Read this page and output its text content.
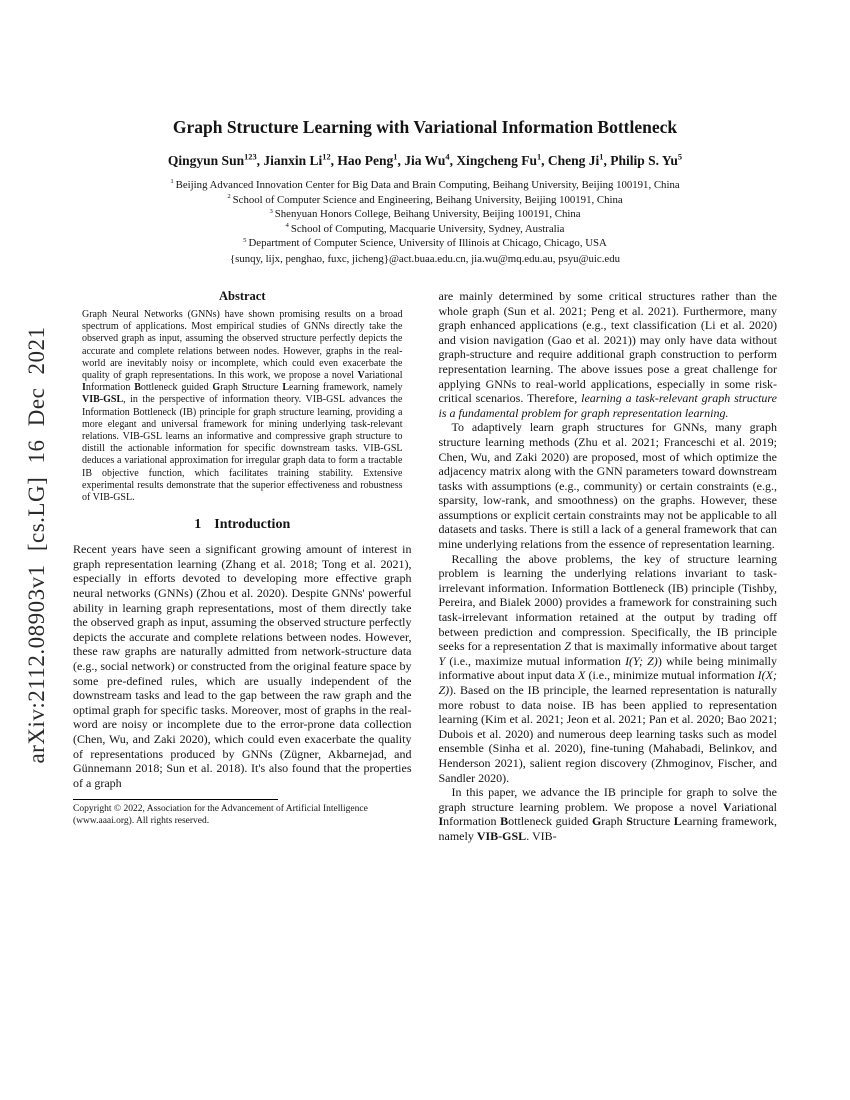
arXiv:2112.08903v1 [cs.LG] 16 Dec 2021
Graph Structure Learning with Variational Information Bottleneck
Qingyun Sun$^{123}$, Jianxin Li$^{12}$, Hao Peng$^1$, Jia Wu$^4$, Xingcheng Fu$^1$, Cheng Ji$^1$, Philip S. Yu$^5$
$^1$ Beijing Advanced Innovation Center for Big Data and Brain Computing, Beihang University, Beijing 100191, China
$^2$ School of Computer Science and Engineering, Beihang University, Beijing 100191, China
$^3$ Shenyuan Honors College, Beihang University, Beijing 100191, China
$^4$ School of Computing, Macquarie University, Sydney, Australia
$^5$ Department of Computer Science, University of Illinois at Chicago, Chicago, USA
{sunqy, lijx, penghao, fuxc, jicheng}@act.buaa.edu.cn, jia.wu@mq.edu.au, psyu@uic.edu
Abstract

Graph Neural Networks (GNNs) have shown promising results on a broad spectrum of applications. Most empirical studies of GNNs directly take the observed graph as input, assuming the observed structure perfectly depicts the accurate and complete relations between nodes. However, graphs in the real-world are inevitably noisy or incomplete, which could even exacerbate the quality of graph representations. In this work, we propose a novel Variational Information Bottleneck guided Graph Structure Learning framework, namely VIB-GSL, in the perspective of information theory. VIB-GSL advances the Information Bottleneck (IB) principle for graph structure learning, providing a more elegant and universal framework for mining underlying task-relevant relations. VIB-GSL learns an informative and compressive graph structure to distill the actionable information for specific downstream tasks. VIB-GSL deduces a variational approximation for irregular graph data to form a tractable IB objective function, which facilitates training stability. Extensive experimental results demonstrate that the superior effectiveness and robustness of VIB-GSL.

1 Introduction

Recent years have seen a significant growing amount of interest in graph representation learning (Zhang et al. 2018; Tong et al. 2021), especially in efforts devoted to developing more effective graph neural networks (GNNs) (Zhou et al. 2020). Despite GNNs' powerful ability in learning graph representations, most of them directly take the observed graph as input, assuming the observed structure perfectly depicts the accurate and complete relations between nodes. However, these raw graphs are naturally admitted from network-structure data (e.g., social network) or constructed from the original feature space by some pre-defined rules, which are usually independent of the downstream tasks and lead to the gap between the raw graph and the optimal graph for specific tasks. Moreover, most of graphs in the real-word are noisy or incomplete due to the error-prone data collection (Chen, Wu, and Zaki 2020), which could even exacerbate the quality of representations produced by GNNs (Zügner, Akbarnejad, and Günnemann 2018; Sun et al. 2018). It's also found that the properties of a graph

Copyright © 2022, Association for the Advancement of Artificial Intelligence (www.aaai.org). All rights reserved.

are mainly determined by some critical structures rather than the whole graph (Sun et al. 2021; Peng et al. 2021). Furthermore, many graph enhanced applications (e.g., text classification (Li et al. 2020) and vision navigation (Gao et al. 2021)) may only have data without graph-structure and require additional graph construction to perform representation learning. The above issues pose a great challenge for applying GNNs to real-world applications, especially in some risk-critical scenarios. Therefore, learning a task-relevant graph structure is a fundamental problem for graph representation learning.

To adaptively learn graph structures for GNNs, many graph structure learning methods (Zhu et al. 2021; Franceschi et al. 2019; Chen, Wu, and Zaki 2020) are proposed, most of which optimize the adjacency matrix along with the GNN parameters toward downstream tasks with assumptions (e.g., community) or certain constraints (e.g., sparsity, low-rank, and smoothness) on the graphs. However, these assumptions or explicit certain constraints may not be applicable to all datasets and tasks. There is still a lack of a general framework that can mine underlying relations from the essence of representation learning.

Recalling the above problems, the key of structure learning problem is learning the underlying relations invariant to task-irrelevant information. Information Bottleneck (IB) principle (Tishby, Pereira, and Bialek 2000) provides a framework for constraining such task-irrelevant information retained at the output by trading off between prediction and compression. Specifically, the IB principle seeks for a representation Z that is maximally informative about target Y (i.e., maximize mutual information I(Y; Z)) while being minimally informative about input data X (i.e., minimize mutual information I(X; Z)). Based on the IB principle, the learned representation is naturally more robust to data noise. IB has been applied to representation learning (Kim et al. 2021; Jeon et al. 2021; Pan et al. 2020; Bao 2021; Dubois et al. 2020) and numerous deep learning tasks such as model ensemble (Sinha et al. 2020), fine-tuning (Mahabadi, Belinkov, and Henderson 2021), salient region discovery (Zhmoginov, Fischer, and Sandler 2020).

In this paper, we advance the IB principle for graph to solve the graph structure learning problem. We propose a novel Variational Information Bottleneck guided Graph Structure Learning framework, namely VIB-GSL. VIB-
